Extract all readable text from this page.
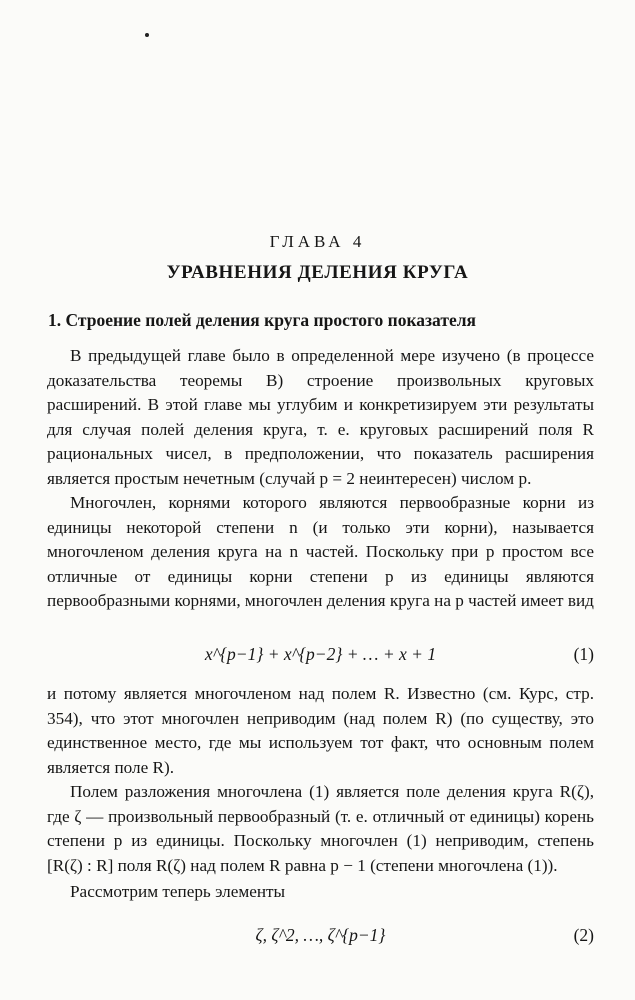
ГЛАВА 4
УРАВНЕНИЯ ДЕЛЕНИЯ КРУГА
1. Строение полей деления круга простого показателя

В предыдущей главе было в определенной мере изучено (в процессе доказательства теоремы В) строение произвольных круговых расширений. В этой главе мы углубим и конкретизируем эти результаты для случая полей деления круга, т. е. круговых расширений поля R рациональных чисел, в предположении, что показатель расширения является простым нечетным (случай p = 2 неинтересен) числом p.

Многочлен, корнями которого являются первообразные корни из единицы некоторой степени n (и только эти корни), называется многочленом деления круга на n частей. Поскольку при p простом все отличные от единицы корни степени p из единицы являются первообразными корнями, многочлен деления круга на p частей имеет вид

x^{p−1} + x^{p−2} + … + x + 1	(1)

и потому является многочленом над полем R. Известно (см. Курс, стр. 354), что этот многочлен неприводим (над полем R) (по существу, это единственное место, где мы используем тот факт, что основным полем является поле R).

Полем разложения многочлена (1) является поле деления круга R(ζ), где ζ — произвольный первообразный (т. е. отличный от единицы) корень степени p из единицы. Поскольку многочлен (1) неприводим, степень [R(ζ) : R] поля R(ζ) над полем R равна p − 1 (степени многочлена (1)).

Рассмотрим теперь элементы

ζ, ζ^2, …, ζ^{p−1}	(2)
